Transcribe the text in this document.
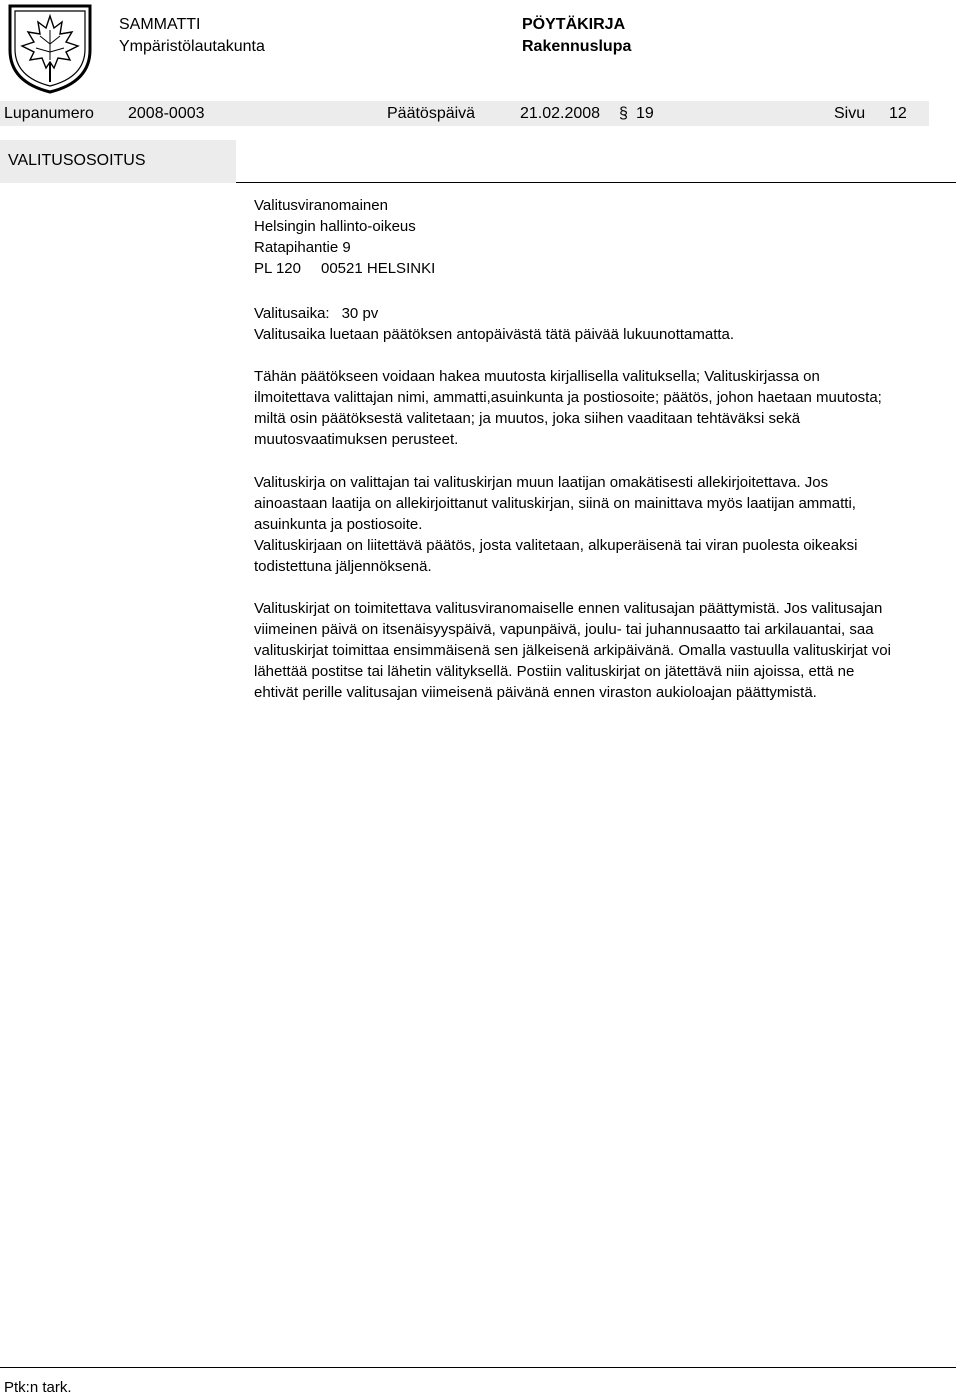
SAMMATTI
Ympäristölautakunta
PÖYTÄKIRJA
Rakennuslupa
Lupanumero 2008-0003	Päätöspäivä	21.02.2008 § 19	Sivu 12
VALITUSOSOITUS

Valitusviranomainen

Helsingin hallinto-oikeus

Ratapihantie 9

PL 120 00521 HELSINKI

Valitusaika: 30 pv

Valitusaika luetaan päätöksen antopäivästä tätä päivää lukuunottamatta.

Tähän päätökseen voidaan hakea muutosta kirjallisella valituksella; Valituskirjassa on ilmoitettava valittajan nimi, ammatti,asuinkunta ja postiosoite; päätös, johon haetaan muutosta; miltä osin päätöksestä valitetaan; ja muutos, joka siihen vaaditaan tehtäväksi sekä muutosvaatimuksen perusteet.
Valituskirja on valittajan tai valituskirjan muun laatijan omakätisesti allekirjoitettava. Jos ainoastaan laatija on allekirjoittanut valituskirjan, siinä on mainittava myös laatijan ammatti, asuinkunta ja postiosoite.
Valituskirjaan on liitettävä päätös, josta valitetaan, alkuperäisenä tai viran puolesta oikeaksi todistettuna jäljennöksenä.
Valituskirjat on toimitettava valitusviranomaiselle ennen valitusajan päättymistä. Jos valitusajan viimeinen päivä on itsenäisyyspäivä, vapunpäivä, joulu- tai juhannusaatto tai arkilauantai, saa valituskirjat toimittaa ensimmäisenä sen jälkeisenä arkipäivänä. Omalla vastuulla valituskirjat voi lähettää postitse tai lähetin välityksellä. Postiin valituskirjat on jätettävä niin ajoissa, että ne ehtivät perille valitusajan viimeisenä päivänä ennen viraston aukioloajan päättymistä.
Ptk:n tark.
